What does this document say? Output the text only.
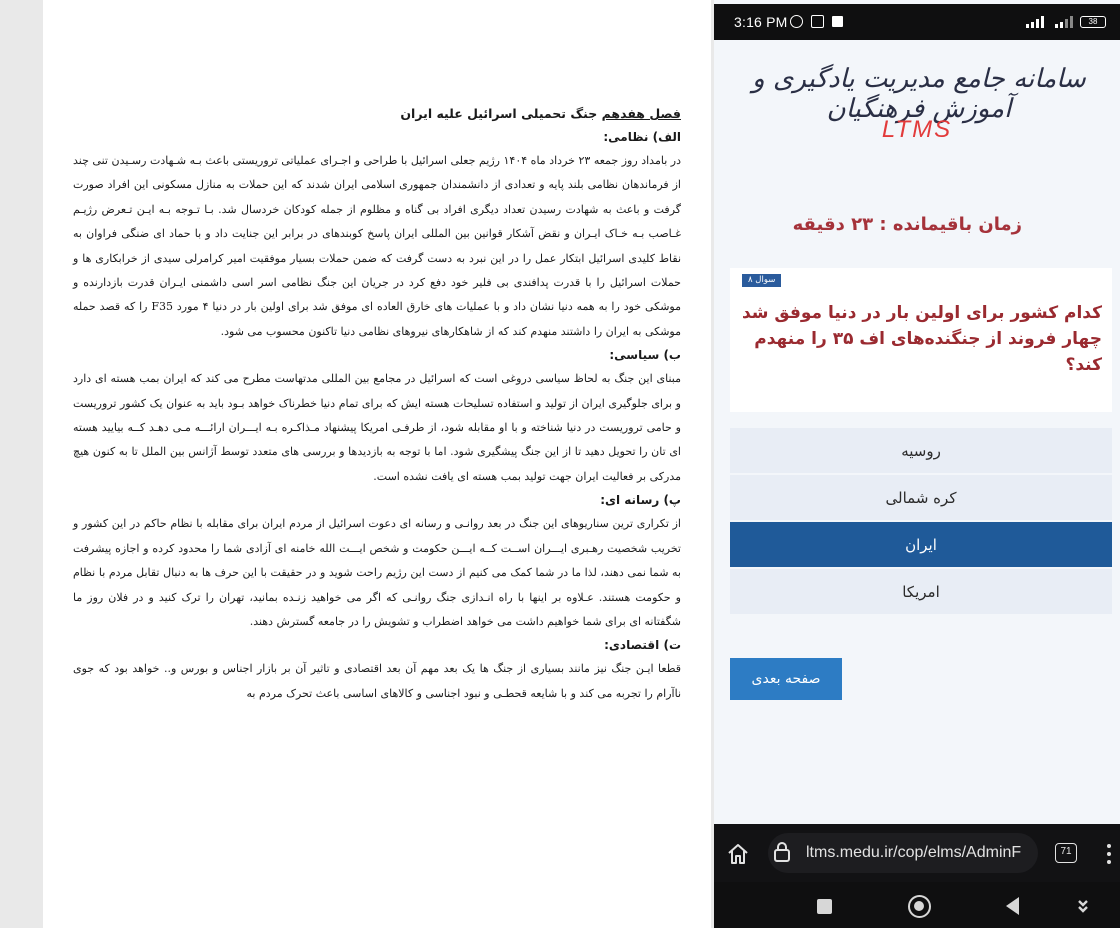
فصل هفدهم جنگ تحمیلی اسرائیل علیه ایران
الف) نظامی:

در بامداد روز جمعه ۲۳ خرداد ماه ۱۴۰۴ رژیم جعلی اسرائیل با طراحی و اجـرای عملیاتی تروریستی باعث بـه شـهادت رسـیدن تنی چند از فرماندهان نظامی بلند پایه و تعدادی از دانشمندان جمهوری اسلامی ایران شدند که این حملات به منازل مسکونی این افراد صورت گرفت و باعث به شهادت رسیدن تعداد دیگری افراد بی گناه و مظلوم از جمله کودکان خردسال شد. بـا تـوجه بـه ایـن تـعرض رژیـم غـاصب بـه خـاک ایـران و نقض آشکار قوانین بین المللی ایران پاسخ کوبندهای در برابر این جنایت داد و با حماد ای ضنگی فراوان به نقاط کلیدی اسرائیل ابتکار عمل را در این نبرد به دست گرفت که ضمن حملات بسیار موفقیت امیر کرامرلی سیدی از خرابکاری ها و حملات اسرائیل را با قدرت پدافندی بی فلیر خود دفع کرد در جریان این جنگ نظامی اسر اسی داشمنی ایـران قدرت بازدارنده و موشکی خود را به همه دنیا نشان داد و با عملیات های خارق العاده ای موفق شد برای اولین بار در دنیا ۴ مورد F35 را که قصد حمله موشکی به ایران را داشتند منهدم کند که از شاهکارهای نیروهای نظامی دنیا تاکنون محسوب می شود.

ب) سیاسی:

مبنای این جنگ به لحاظ سیاسی دروغی است که اسرائیل در مجامع بین المللی مدتهاست مطرح می کند که ایران بمب هسته ای دارد و برای جلوگیری ایران از تولید و استفاده تسلیحات هسته ایش که برای تمام دنیا خطرناک خواهد بـود باید به عنوان یک کشور تروریست و حامی تروریست در دنیا شناخته و با او مقابله شود، از طرفـی امریکا پیشنهاد مـذاکـره بـه ایـــران ارائـــه مـی دهـد کــه بیایید هسته ای تان را تحویل دهید تا از این جنگ پیشگیری شود. اما با توجه به بازدیدها و بررسی های متعدد توسط آژانس بین الملل تا به کنون هیچ مدرکی بر فعالیت ایران جهت تولید بمب هسته ای یافت نشده است.

پ) رسانه ای:

از تکراری ترین سناریوهای این جنگ در بعد روانـی و رسانه ای دعوت اسرائیل از مردم ایران برای مقابله با نظام حاکم در این کشور و تخریب شخصیت رهـبری ایـــران اســت کــه ایـــن حکومت و شخص ایـــت الله خامنه ای آزادی شما را محدود کرده و اجازه پیشرفت به شما نمی دهند، لذا ما در شما کمک می کنیم از دست این رژیم راحت شوید و در حقیقت با این حرف ها به دنبال تقابل مردم با نظام و حکومت هستند. عـلاوه بر اینها با راه انـدازی جنگ روانـی که اگر می خواهید زنـده بمانید، تهران را ترک کنید و در فلان روز ما شگفتانه ای برای شما خواهیم داشت می خواهد اضطراب و تشویش را در جامعه گسترش دهند.

ت) اقتصادی:

قطعا ایـن جنگ نیز مانند بسیاری از جنگ ها یک بعد مهم آن بعد اقتصادی و تاثیر آن بر بازار اجناس و بورس و.. خواهد بود که جوی ناآرام را تجربه می کند و با شایعه قحطـی و نبود اجناسی و کالاهای اساسی باعث تحرک مردم به

3:16 PM	38
سامانه جامع مدیریت یادگیری و آموزش فرهنگیان
LTMS
زمان باقیمانده : ۲۳ دقیقه
سوال ۸
کدام کشور برای اولین بار در دنیا موفق شد چهار فروند از جنگنده‌های اف ۳۵ را منهدم کند؟
روسیه
کره شمالی
ایران
امریکا
صفحه بعدی
ltms.medu.ir/cop/elms/AdminF	71
